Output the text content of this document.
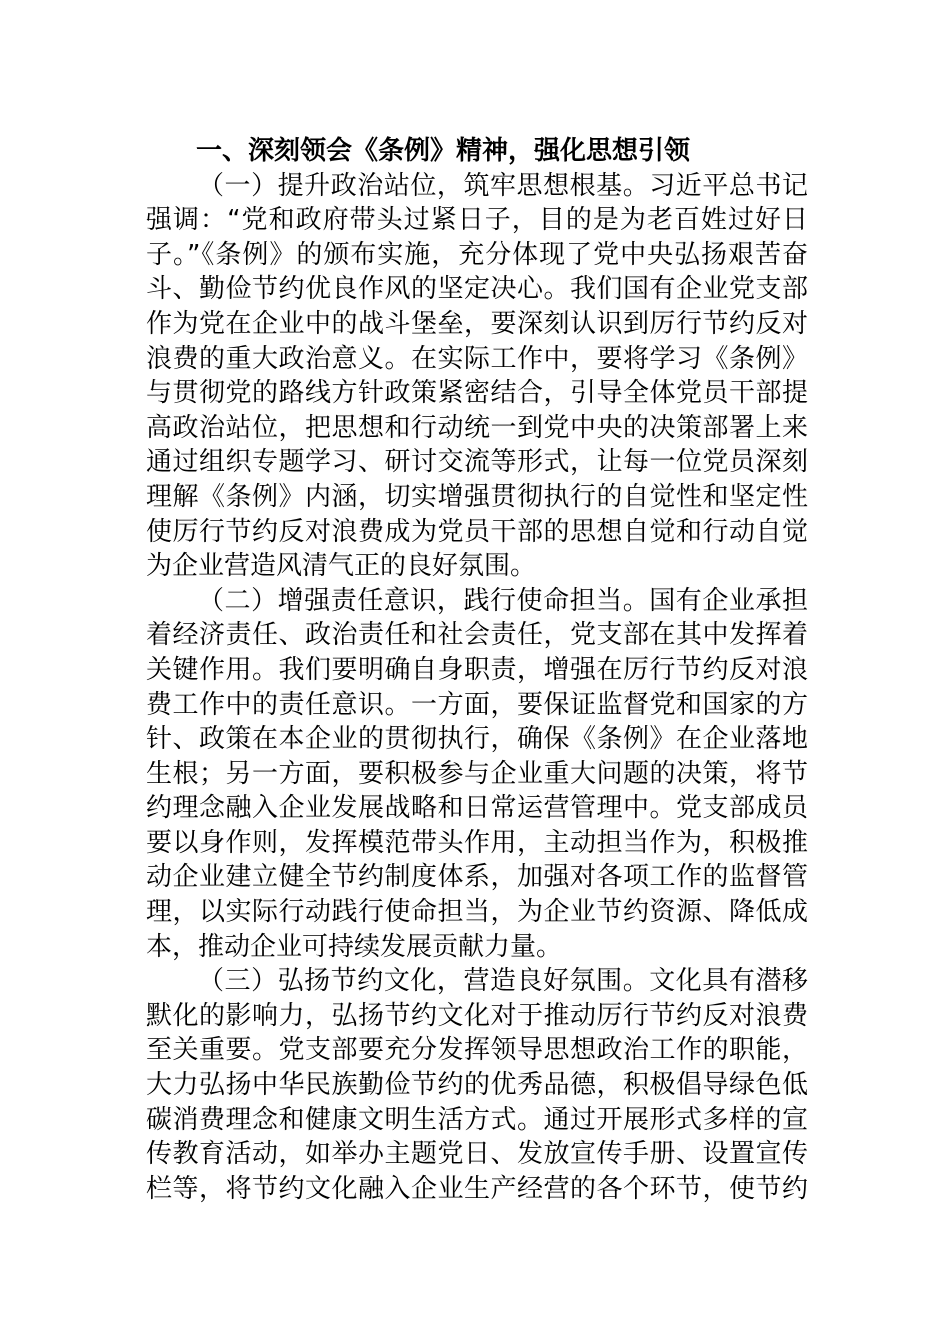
一、深刻领会《条例》精神，强化思想引领
（一）提升政治站位，筑牢思想根基。习近平总书记
强调：“党和政府带头过紧日子，目的是为老百姓过好日
子。”《条例》的颁布实施，充分体现了党中央弘扬艰苦奋
斗、勤俭节约优良作风的坚定决心。我们国有企业党支部
作为党在企业中的战斗堡垒，要深刻认识到厉行节约反对
浪费的重大政治意义。在实际工作中，要将学习《条例》
与贯彻党的路线方针政策紧密结合，引导全体党员干部提
高政治站位，把思想和行动统一到党中央的决策部署上来
通过组织专题学习、研讨交流等形式，让每一位党员深刻
理解《条例》内涵，切实增强贯彻执行的自觉性和坚定性
使厉行节约反对浪费成为党员干部的思想自觉和行动自觉
为企业营造风清气正的良好氛围。
（二）增强责任意识，践行使命担当。国有企业承担
着经济责任、政治责任和社会责任，党支部在其中发挥着
关键作用。我们要明确自身职责，增强在厉行节约反对浪
费工作中的责任意识。一方面，要保证监督党和国家的方
针、政策在本企业的贯彻执行，确保《条例》在企业落地
生根；另一方面，要积极参与企业重大问题的决策，将节
约理念融入企业发展战略和日常运营管理中。党支部成员
要以身作则，发挥模范带头作用，主动担当作为，积极推
动企业建立健全节约制度体系，加强对各项工作的监督管
理，以实际行动践行使命担当，为企业节约资源、降低成
本，推动企业可持续发展贡献力量。
（三）弘扬节约文化，营造良好氛围。文化具有潜移
默化的影响力，弘扬节约文化对于推动厉行节约反对浪费
至关重要。党支部要充分发挥领导思想政治工作的职能，
大力弘扬中华民族勤俭节约的优秀品德，积极倡导绿色低
碳消费理念和健康文明生活方式。通过开展形式多样的宣
传教育活动，如举办主题党日、发放宣传手册、设置宣传
栏等，将节约文化融入企业生产经营的各个环节，使节约
